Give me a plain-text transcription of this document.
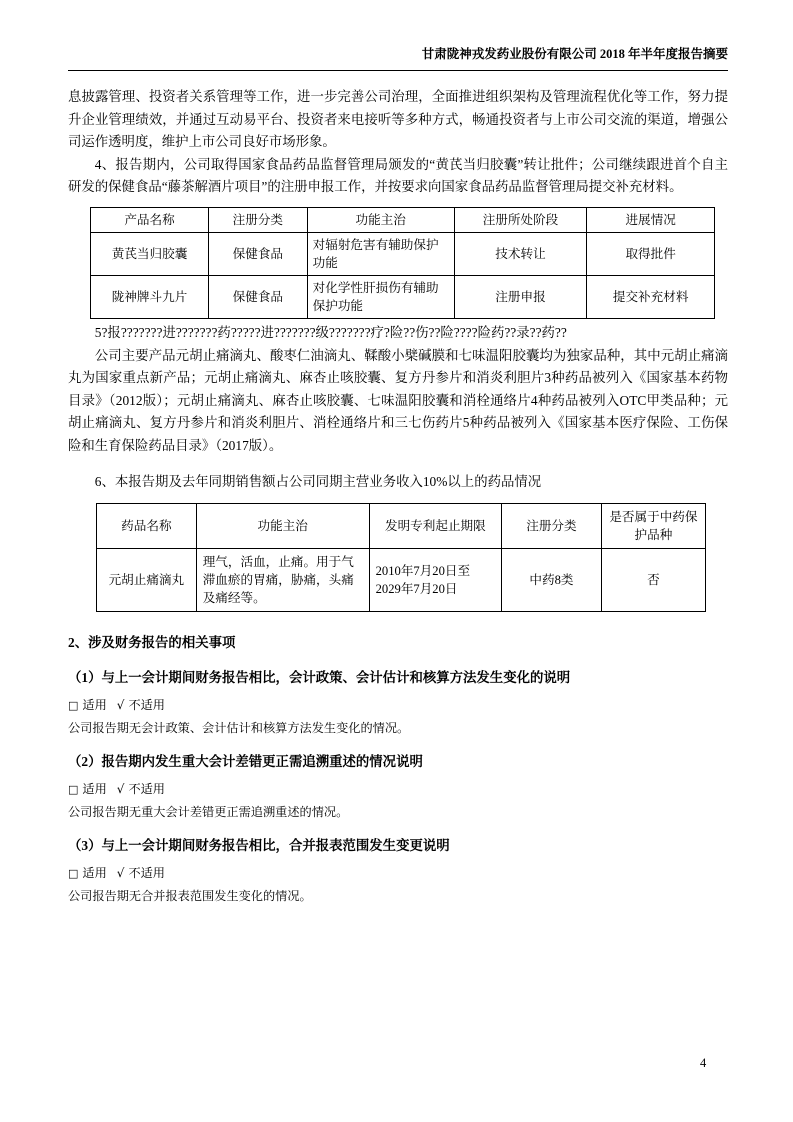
甘肃陇神戎发药业股份有限公司 2018 年半年度报告摘要

息披露管理、投资者关系管理等工作，进一步完善公司治理，全面推进组织架构及管理流程优化等工作，努力提升企业管理绩效，并通过互动易平台、投资者来电接听等多种方式，畅通投资者与上市公司交流的渠道，增强公司运作透明度，维护上市公司良好市场形象。

4、报告期内，公司取得国家食品药品监督管理局颁发的“黄芪当归胶囊”转让批件；公司继续跟进首个自主研发的保健食品“藤茶解酒片项目”的注册申报工作，并按要求向国家食品药品监督管理局提交补充材料。

产品名称	注册分类	功能主治	注册所处阶段	进展情况
黄芪当归胶囊	保健食品	对辐射危害有辅助保护功能	技术转让	取得批件
陇神牌斗九片	保健食品	对化学性肝损伤有辅助保护功能	注册申报	提交补充材料

5?报???????进???????药?????进???????级???????疗?险??伤??险????险药??录??药??

公司主要产品元胡止痛滴丸、酸枣仁油滴丸、鞣酸小檗碱膜和七味温阳胶囊均为独家品种，其中元胡止痛滴丸为国家重点新产品；元胡止痛滴丸、麻杏止咳胶囊、复方丹参片和消炎利胆片3种药品被列入《国家基本药物目录》（2012版）；元胡止痛滴丸、麻杏止咳胶囊、七味温阳胶囊和消栓通络片4种药品被列入OTC甲类品种；元胡止痛滴丸、复方丹参片和消炎利胆片、消栓通络片和三七伤药片5种药品被列入《国家基本医疗保险、工伤保险和生育保险药品目录》（2017版）。

6、本报告期及去年同期销售额占公司同期主营业务收入10%以上的药品情况

药品名称	功能主治	发明专利起止期限	注册分类	是否属于中药保护品种
元胡止痛滴丸	理气，活血，止痛。用于气滞血瘀的胃痛，胁痛，头痛及痛经等。	2010年7月20日至2029年7月20日	中药8类	否
2、涉及财务报告的相关事项
（1）与上一会计期间财务报告相比，会计政策、会计估计和核算方法发生变化的说明

□ 适用 √ 不适用

公司报告期无会计政策、会计估计和核算方法发生变化的情况。

（2）报告期内发生重大会计差错更正需追溯重述的情况说明

□ 适用 √ 不适用

公司报告期无重大会计差错更正需追溯重述的情况。

（3）与上一会计期间财务报告相比，合并报表范围发生变更说明

□ 适用 √ 不适用

公司报告期无合并报表范围发生变化的情况。

4
